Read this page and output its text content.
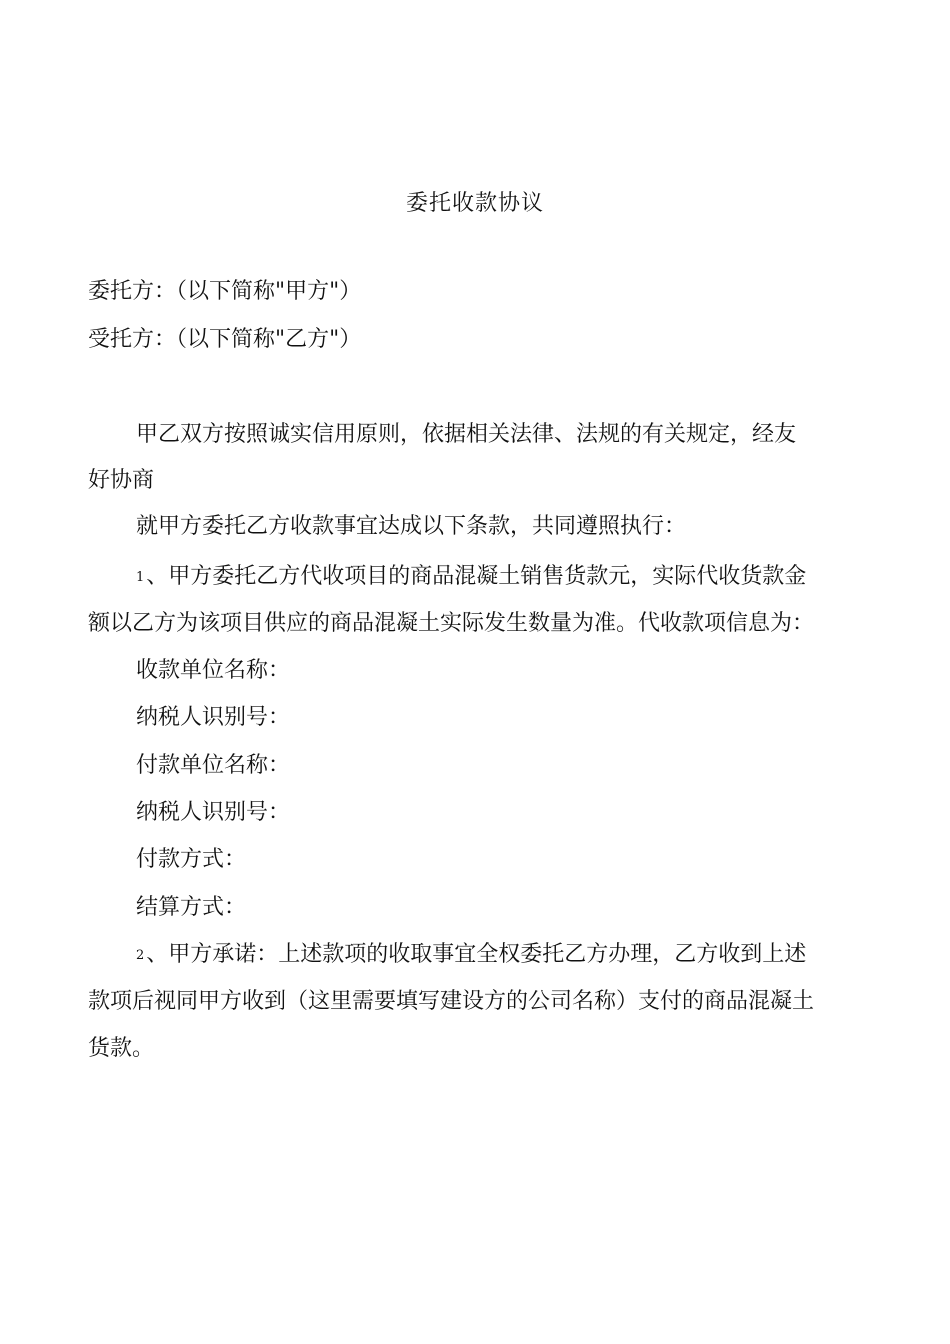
委托收款协议
委托方：（以下简称"甲方"）
受托方：（以下简称"乙方"）
甲乙双方按照诚实信用原则，依据相关法律、法规的有关规定，经友
好协商
就甲方委托乙方收款事宜达成以下条款，共同遵照执行：
1、甲方委托乙方代收项目的商品混凝土销售货款元，实际代收货款金
额以乙方为该项目供应的商品混凝土实际发生数量为准。代收款项信息为：
收款单位名称：
纳税人识别号：
付款单位名称：
纳税人识别号：
付款方式：
结算方式：
2、甲方承诺：上述款项的收取事宜全权委托乙方办理，乙方收到上述
款项后视同甲方收到（这里需要填写建设方的公司名称）支付的商品混凝土
货款。
